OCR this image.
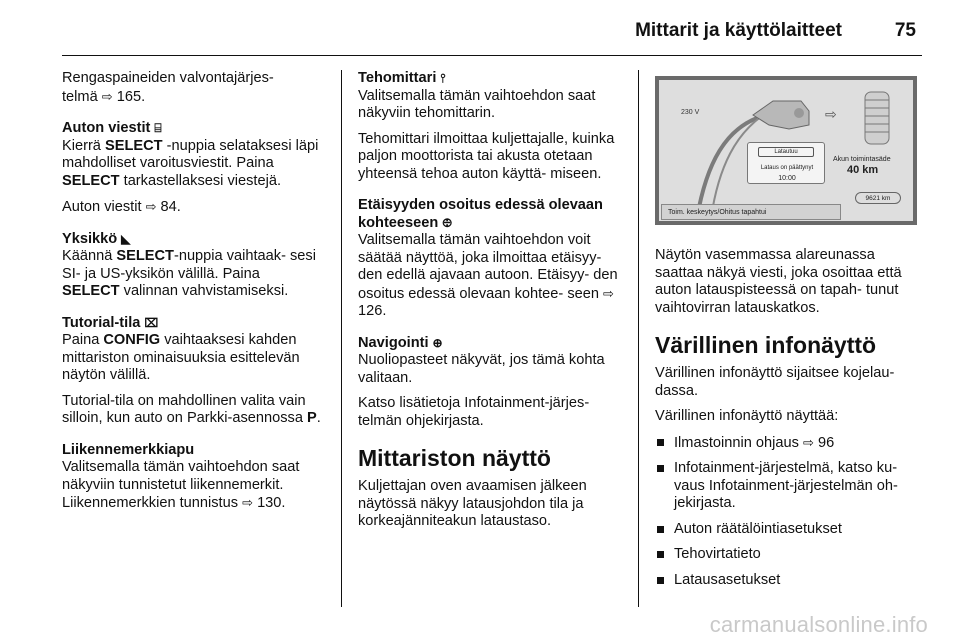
Mittarit ja käyttölaitteet	75

Rengaspaineiden valvontajärjes-
telmä ⇨ 165.

Auton viestit ⌸
Kierrä SELECT -nuppia selataksesi läpi mahdolliset varoitusviestit. Paina
SELECT tarkastellaksesi viestejä.

Auton viestit ⇨ 84.

Yksikkö ◣
Käännä SELECT-nuppia vaihtaak- sesi SI- ja US-yksikön välillä. Paina
SELECT valinnan vahvistamiseksi.

Tutorial-tila ⌧
Paina CONFIG vaihtaaksesi kahden mittariston ominaisuuksia esittelevän näytön välillä.

Tutorial-tila on mahdollinen valita vain silloin, kun auto on Parkki-asennossa P.

Liikennemerkkiapu
Valitsemalla tämän vaihtoehdon saat näkyviin tunnistetut liikennemerkit.
Liikennemerkkien tunnistus ⇨ 130.

Tehomittari ⫯
Valitsemalla tämän vaihtoehdon saat näkyviin tehomittarin.

Tehomittari ilmoittaa kuljettajalle, kuinka paljon moottorista tai akusta otetaan yhteensä tehoa auton käyttä- miseen.

Etäisyyden osoitus edessä olevaan kohteeseen ⨸
Valitsemalla tämän vaihtoehdon voit säätää näyttöä, joka ilmoittaa etäisyy- den edellä ajavaan autoon. Etäisyy- den osoitus edessä olevaan kohtee- seen ⇨ 126.

Navigointi ⊕
Nuoliopasteet näkyvät, jos tämä kohta valitaan.

Katso lisätietoja Infotainment-järjes- telmän ohjekirjasta.

Mittariston näyttö

Kuljettajan oven avaamisen jälkeen näytössä näkyy latausjohdon tila ja korkeajänniteakun lataustaso.

⇨
230 V
Latautuu
Lataus on päättynyt
10:00
Akun toimintasäde
40 km
9621 km
Toim. keskeytys/Ohitus tapahtui

Näytön vasemmassa alareunassa saattaa näkyä viesti, joka osoittaa että auton latauspisteessä on tapah- tunut vaihtovirran latauskatkos.

Värillinen infonäyttö

Värillinen infonäyttö sijaitsee kojelau- dassa.

Värillinen infonäyttö näyttää:

Ilmastoinnin ohjaus ⇨ 96
Infotainment-järjestelmä, katso ku- vaus Infotainment-järjestelmän oh- jekirjasta.
Auton räätälöintiasetukset
Tehovirtatieto
Latausasetukset
carmanualsonline.info
